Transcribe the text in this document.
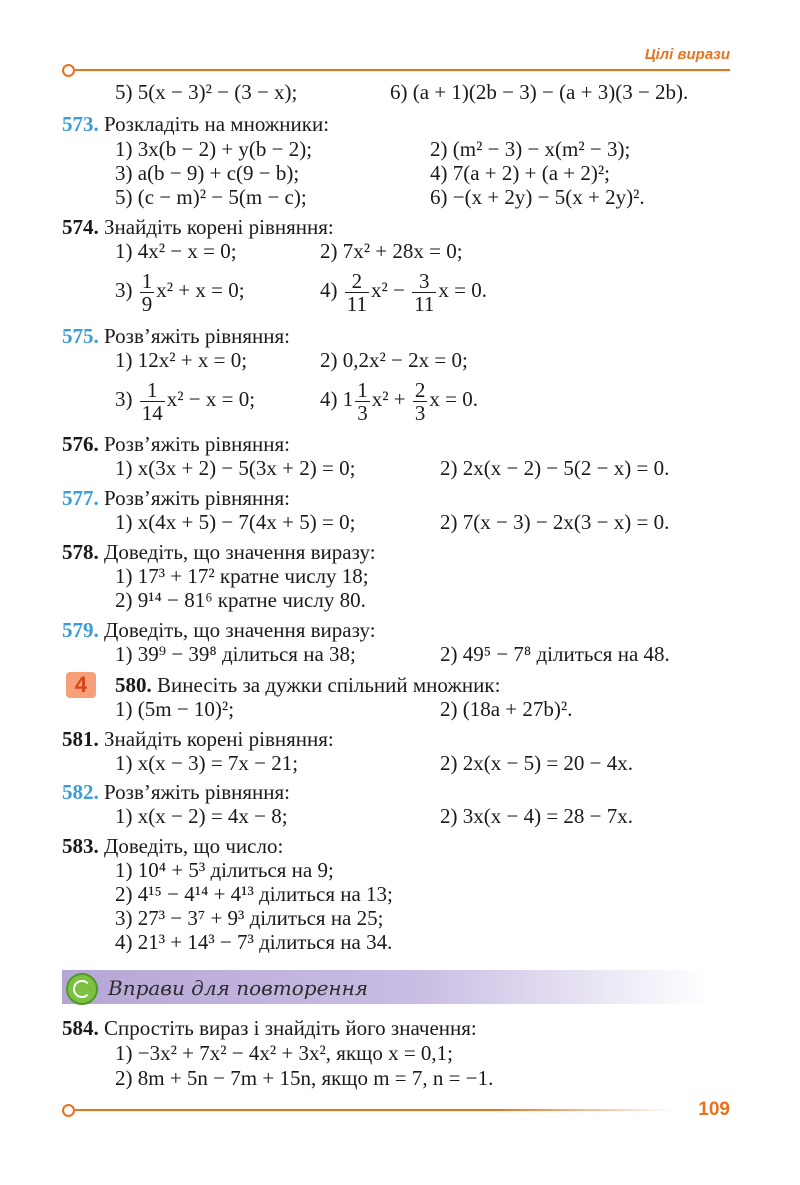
Цілі вирази
5) 5(x − 3)² − (3 − x);	6) (a + 1)(2b − 3) − (a + 3)(3 − 2b).
573. Розкладіть на множники:
1) 3x(b − 2) + y(b − 2);	2) (m² − 3) − x(m² − 3);
3) a(b − 9) + c(9 − b);	4) 7(a + 2) + (a + 2)²;
5) (c − m)² − 5(m − c);	6) −(x + 2y) − 5(x + 2y)².
574. Знайдіть корені рівняння:
1) 4x² − x = 0;	2) 7x² + 28x = 0;
$3) \frac{1}{9} x^2 + x = 0$;	$4) \frac{2}{11} x^2 - \frac{3}{11}$ x = 0.
575. Розв’яжіть рівняння:
1) 12x² + x = 0;	2) 0,2x² − 2x = 0;
$3) \frac{1}{14} x^2 - x = 0$;	4) $1 \frac{1}{3} x^2 + \frac{2}{3}$ x = 0.
576. Розв’яжіть рівняння:
1) x(3x + 2) − 5(3x + 2) = 0;	2) 2x(x − 2) − 5(2 − x) = 0.
577. Розв’яжіть рівняння:
1) x(4x + 5) − 7(4x + 5) = 0;	2) 7(x − 3) − 2x(3 − x) = 0.
578. Доведіть, що значення виразу:
1) 17³ + 17² кратне числу 18;
2) 9¹⁴ − 81⁶ кратне числу 80.
579. Доведіть, що значення виразу:
1) 39⁹ − 39⁸ ділиться на 38;	2) 49⁵ − 7⁸ ділиться на 48.
4	580. Винесіть за дужки спільний множник:
1) (5m − 10)²;	2) (18a + 27b)².
581. Знайдіть корені рівняння:
1) x(x − 3) = 7x − 21;	2) 2x(x − 5) = 20 − 4x.
582. Розв’яжіть рівняння:
1) x(x − 2) = 4x − 8;	2) 3x(x − 4) = 28 − 7x.
583. Доведіть, що число:
1) 10⁴ + 5³ ділиться на 9;
2) 4¹⁵ − 4¹⁴ + 4¹³ ділиться на 13;
3) 27³ − 3⁷ + 9³ ділиться на 25;
4) 21³ + 14³ − 7³ ділиться на 34.
Вправи для повторення
584. Спростіть вираз і знайдіть його значення:
1) −3x² + 7x² − 4x² + 3x², якщо x = 0,1;
2) 8m + 5n − 7m + 15n, якщо m = 7, n = −1.
109
